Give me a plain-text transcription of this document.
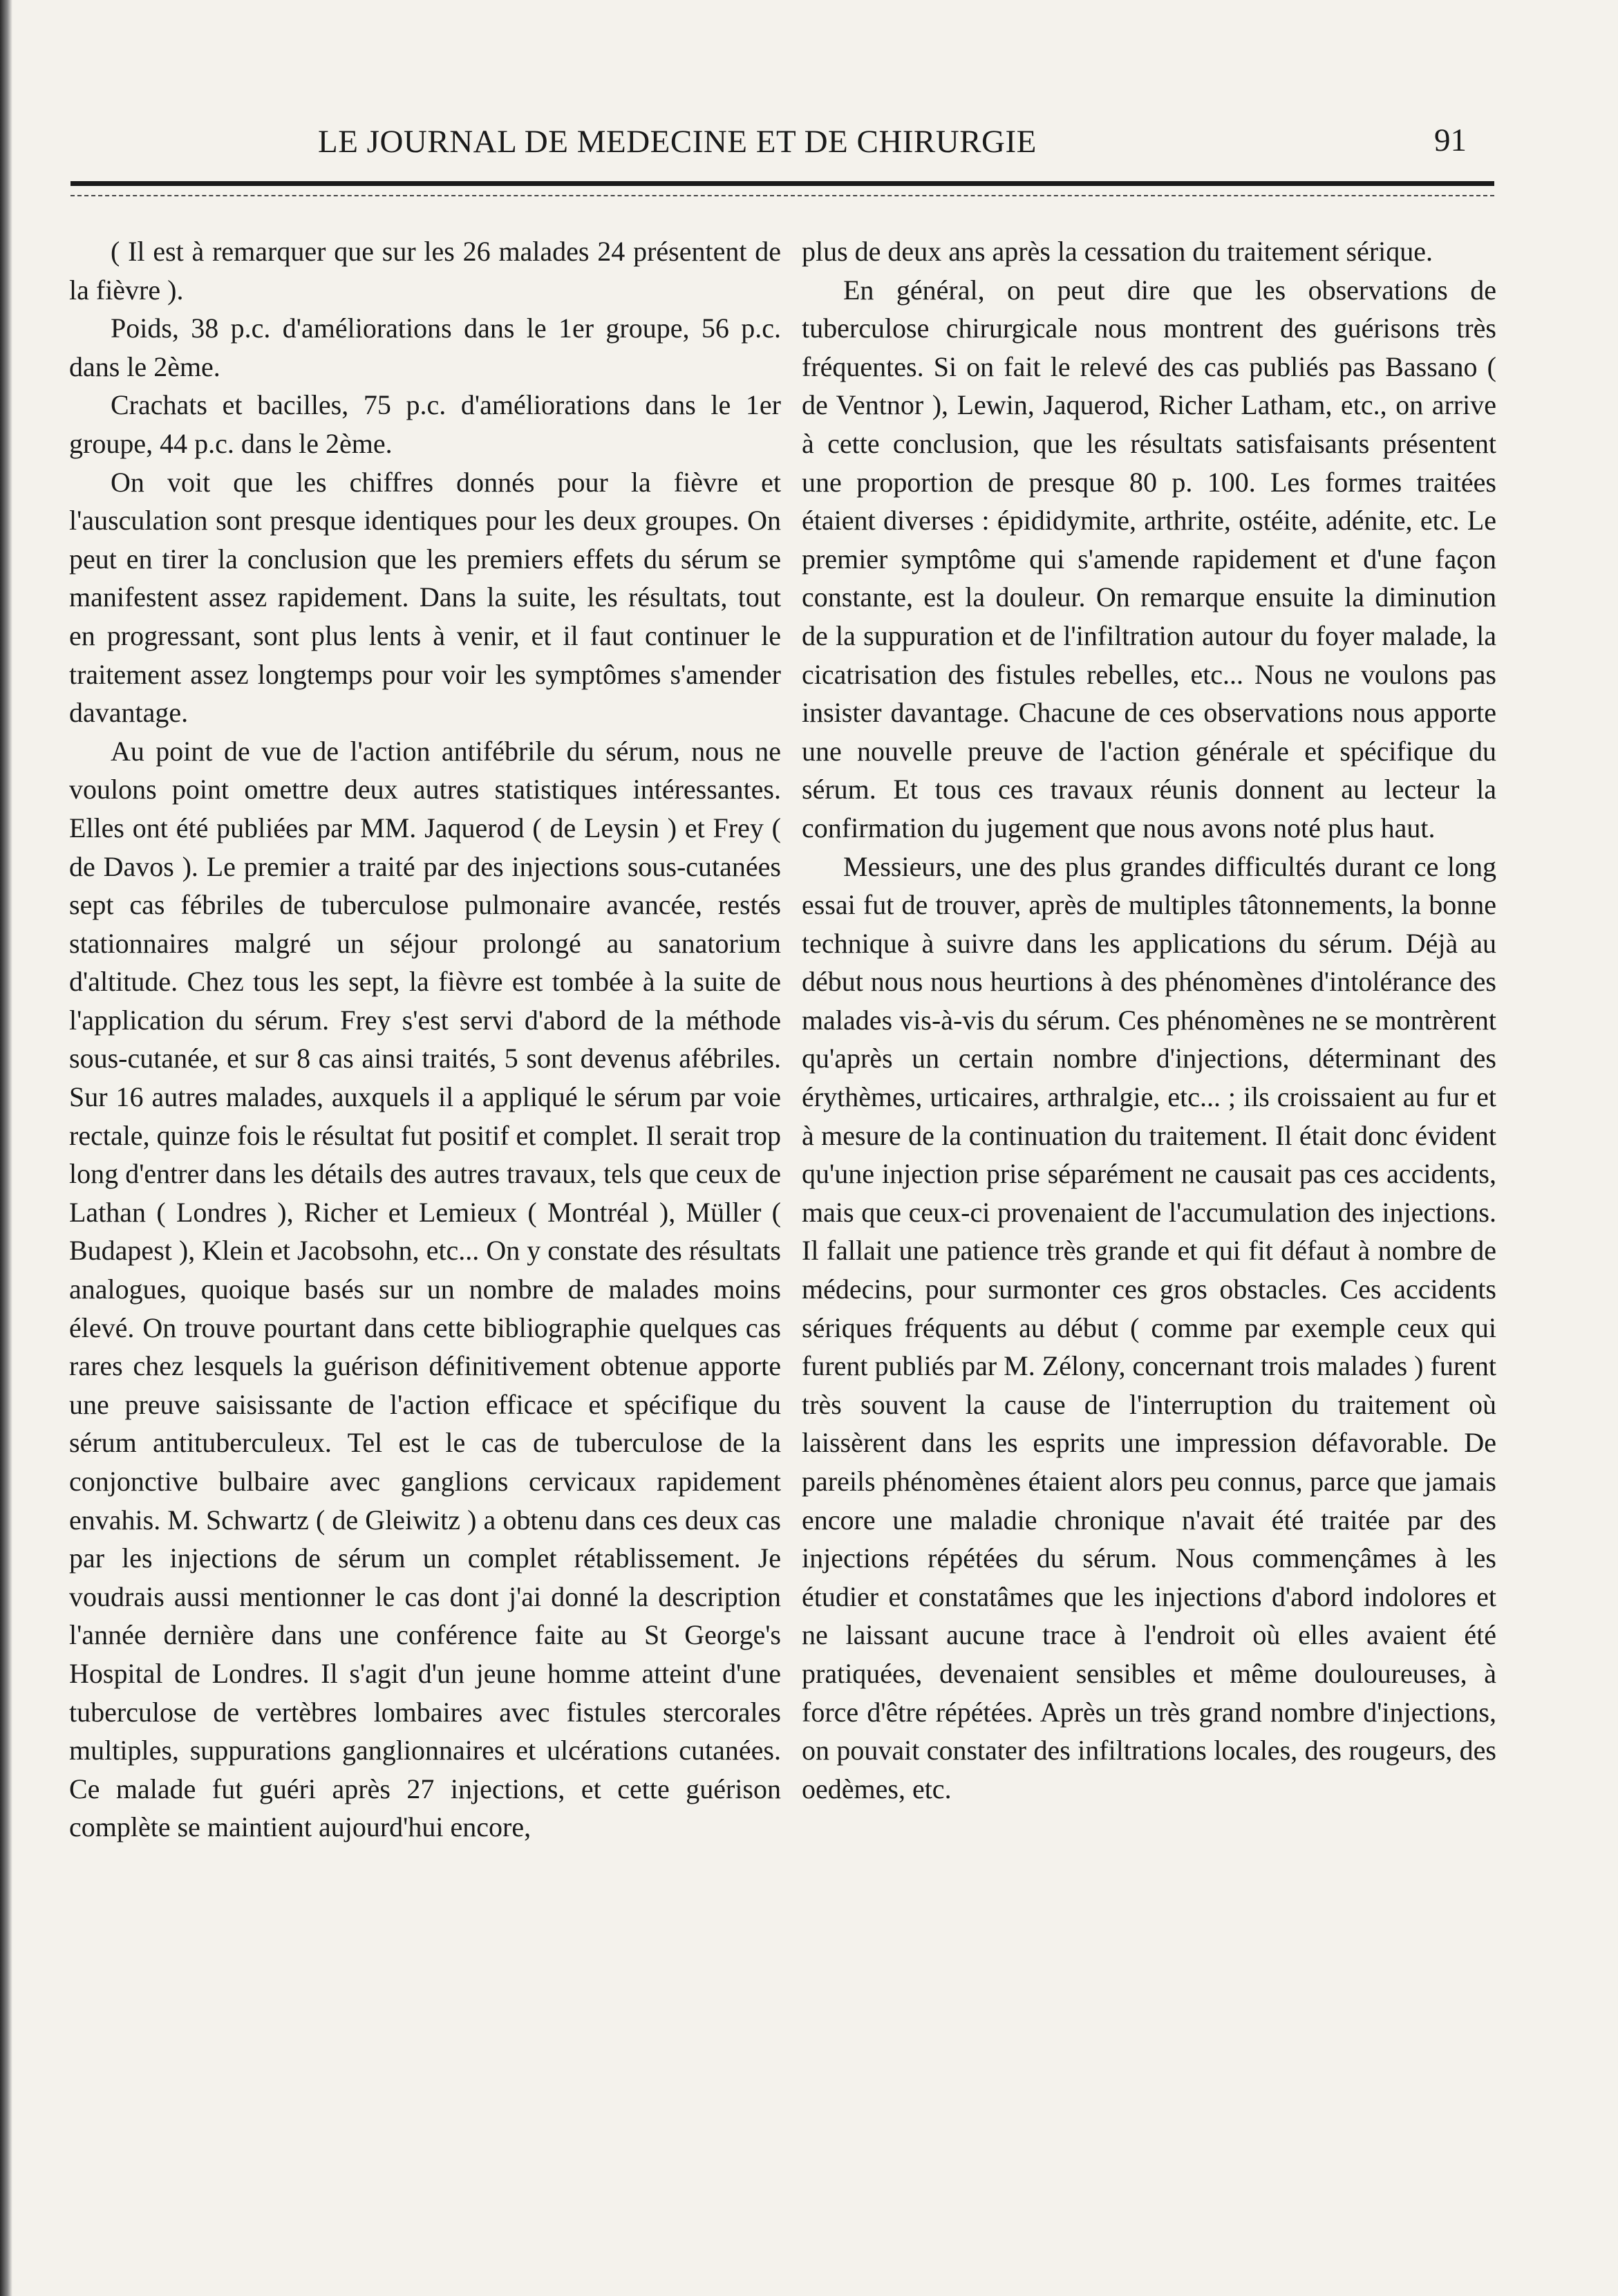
LE JOURNAL DE MEDECINE ET DE CHIRURGIE	91

( Il est à remarquer que sur les 26 malades 24 présentent de la fièvre ).

Poids, 38 p.c. d'améliorations dans le 1er groupe, 56 p.c. dans le 2ème.

Crachats et bacilles, 75 p.c. d'améliorations dans le 1er groupe, 44 p.c. dans le 2ème.

On voit que les chiffres donnés pour la fièvre et l'ausculation sont presque identiques pour les deux groupes. On peut en tirer la conclusion que les premiers effets du sérum se manifestent assez rapidement. Dans la suite, les résultats, tout en progressant, sont plus lents à venir, et il faut continuer le traitement assez longtemps pour voir les symptômes s'amender davantage.

Au point de vue de l'action antifébrile du sérum, nous ne voulons point omettre deux autres statistiques intéressantes. Elles ont été publiées par MM. Jaquerod ( de Leysin ) et Frey ( de Davos ). Le premier a traité par des injections sous-cutanées sept cas fébriles de tuberculose pulmonaire avancée, restés stationnaires malgré un séjour prolongé au sanatorium d'altitude. Chez tous les sept, la fièvre est tombée à la suite de l'application du sérum. Frey s'est servi d'abord de la méthode sous-cutanée, et sur 8 cas ainsi traités, 5 sont devenus afébriles. Sur 16 autres malades, auxquels il a appliqué le sérum par voie rectale, quinze fois le résultat fut positif et complet. Il serait trop long d'entrer dans les détails des autres travaux, tels que ceux de Lathan ( Londres ), Richer et Lemieux ( Montréal ), Müller ( Budapest ), Klein et Jacobsohn, etc... On y constate des résultats analogues, quoique basés sur un nombre de malades moins élevé. On trouve pourtant dans cette bibliographie quelques cas rares chez lesquels la guérison définitivement obtenue apporte une preuve saisissante de l'action efficace et spécifique du sérum antituberculeux. Tel est le cas de tuberculose de la conjonctive bulbaire avec ganglions cervicaux rapidement envahis. M. Schwartz ( de Gleiwitz ) a obtenu dans ces deux cas par les injections de sérum un complet rétablissement. Je voudrais aussi mentionner le cas dont j'ai donné la description l'année dernière dans une conférence faite au St George's Hospital de Londres. Il s'agit d'un jeune homme atteint d'une tuberculose de vertèbres lombaires avec fistules stercorales multiples, suppurations ganglionnaires et ulcérations cutanées. Ce malade fut guéri après 27 injections, et cette guérison complète se maintient aujourd'hui encore,

plus de deux ans après la cessation du traitement sérique.

En général, on peut dire que les observations de tuberculose chirurgicale nous montrent des guérisons très fréquentes. Si on fait le relevé des cas publiés pas Bassano ( de Ventnor ), Lewin, Jaquerod, Richer Latham, etc., on arrive à cette conclusion, que les résultats satisfaisants présentent une proportion de presque 80 p. 100. Les formes traitées étaient diverses : épididymite, arthrite, ostéite, adénite, etc. Le premier symptôme qui s'amende rapidement et d'une façon constante, est la douleur. On remarque ensuite la diminution de la suppuration et de l'infiltration autour du foyer malade, la cicatrisation des fistules rebelles, etc... Nous ne voulons pas insister davantage. Chacune de ces observations nous apporte une nouvelle preuve de l'action générale et spécifique du sérum. Et tous ces travaux réunis donnent au lecteur la confirmation du jugement que nous avons noté plus haut.

Messieurs, une des plus grandes difficultés durant ce long essai fut de trouver, après de multiples tâtonnements, la bonne technique à suivre dans les applications du sérum. Déjà au début nous nous heurtions à des phénomènes d'intolérance des malades vis-à-vis du sérum. Ces phénomènes ne se montrèrent qu'après un certain nombre d'injections, déterminant des érythèmes, urticaires, arthralgie, etc... ; ils croissaient au fur et à mesure de la continuation du traitement. Il était donc évident qu'une injection prise séparément ne causait pas ces accidents, mais que ceux-ci provenaient de l'accumulation des injections. Il fallait une patience très grande et qui fit défaut à nombre de médecins, pour surmonter ces gros obstacles. Ces accidents sériques fréquents au début ( comme par exemple ceux qui furent publiés par M. Zélony, concernant trois malades ) furent très souvent la cause de l'interruption du traitement où laissèrent dans les esprits une impression défavorable. De pareils phénomènes étaient alors peu connus, parce que jamais encore une maladie chronique n'avait été traitée par des injections répétées du sérum. Nous commençâmes à les étudier et constatâmes que les injections d'abord indolores et ne laissant aucune trace à l'endroit où elles avaient été pratiquées, devenaient sensibles et même douloureuses, à force d'être répétées. Après un très grand nombre d'injections, on pouvait constater des infiltrations locales, des rougeurs, des oedèmes, etc.
